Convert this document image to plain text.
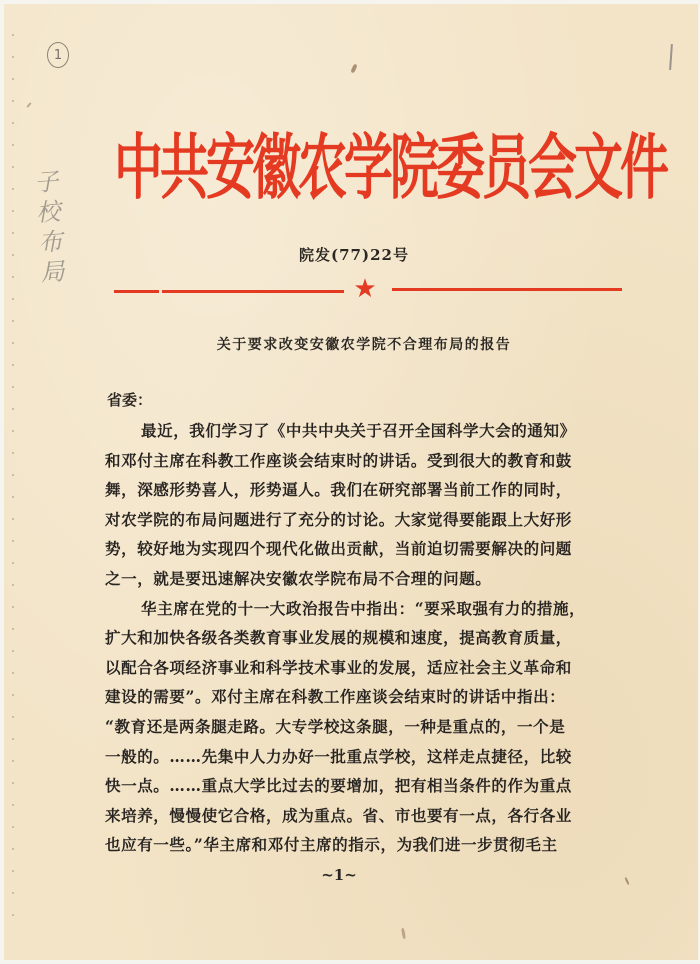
1
子校布局
中共安徽农学院委员会文件
院发(77)22号
★
关于要求改变安徽农学院不合理布局的报告
省委：
最近，我们学习了《中共中央关于召开全国科学大会的通知》
和邓付主席在科教工作座谈会结束时的讲话。受到很大的教育和鼓
舞，深感形势喜人，形势逼人。我们在研究部署当前工作的同时，
对农学院的布局问题进行了充分的讨论。大家觉得要能跟上大好形
势，较好地为实现四个现代化做出贡献，当前迫切需要解决的问题
之一，就是要迅速解决安徽农学院布局不合理的问题。
华主席在党的十一大政治报告中指出：“要采取强有力的措施，
扩大和加快各级各类教育事业发展的规模和速度，提高教育质量，
以配合各项经济事业和科学技术事业的发展，适应社会主义革命和
建设的需要”。邓付主席在科教工作座谈会结束时的讲话中指出：
“教育还是两条腿走路。大专学校这条腿，一种是重点的，一个是
一般的。……先集中人力办好一批重点学校，这样走点捷径，比较
快一点。……重点大学比过去的要增加，把有相当条件的作为重点
来培养，慢慢使它合格，成为重点。省、市也要有一点，各行各业
也应有一些。”华主席和邓付主席的指示，为我们进一步贯彻毛主
~1~
